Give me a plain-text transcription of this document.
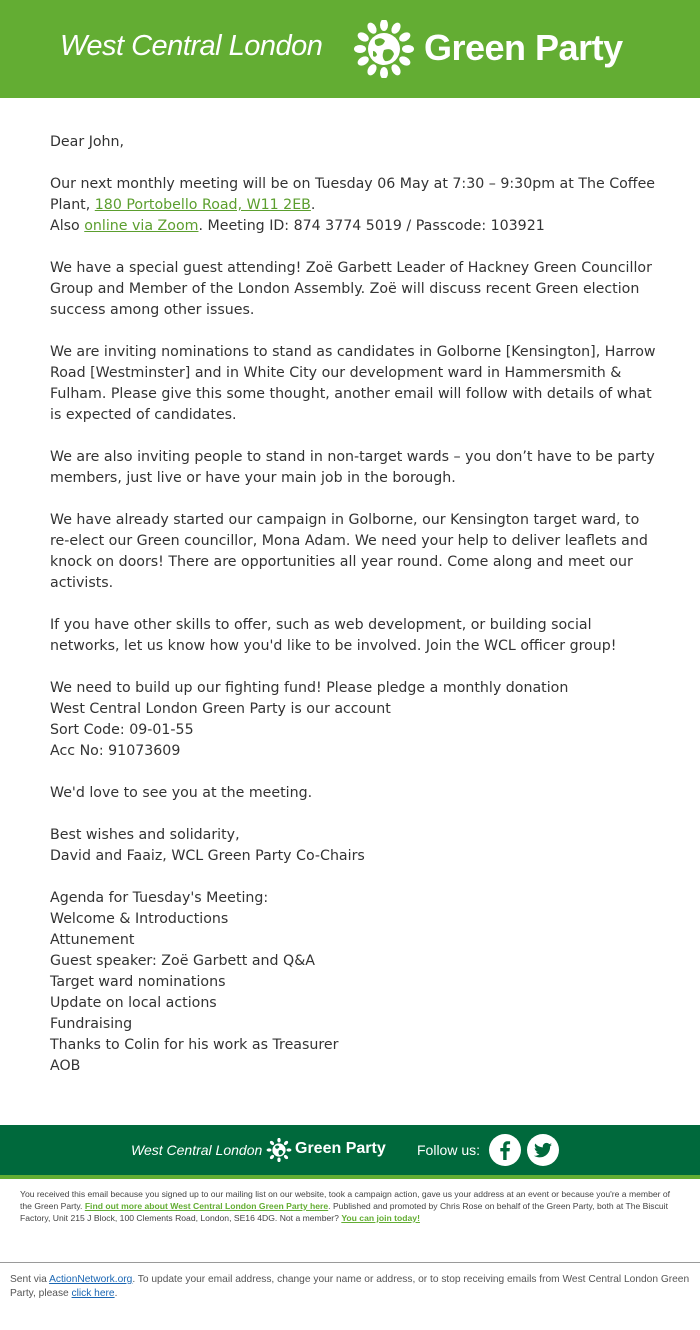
West Central London	Green Party

Dear John,

Our next monthly meeting will be on Tuesday 06 May at 7:30 – 9:30pm at The Coffee Plant, 180 Portobello Road, W11 2EB.
Also online via Zoom. Meeting ID: 874 3774 5019 / Passcode: 103921

We have a special guest attending! Zoë Garbett Leader of Hackney Green Councillor Group and Member of the London Assembly. Zoë will discuss recent Green election success among other issues.

We are inviting nominations to stand as candidates in Golborne [Kensington], Harrow Road [Westminster] and in White City our development ward in Hammersmith & Fulham. Please give this some thought, another email will follow with details of what is expected of candidates.

We are also inviting people to stand in non-target wards – you don’t have to be party members, just live or have your main job in the borough.

We have already started our campaign in Golborne, our Kensington target ward, to re-elect our Green councillor, Mona Adam. We need your help to deliver leaflets and knock on doors! There are opportunities all year round. Come along and meet our activists.

If you have other skills to offer, such as web development, or building social networks, let us know how you'd like to be involved. Join the WCL officer group!

We need to build up our fighting fund! Please pledge a monthly donation
West Central London Green Party is our account
Sort Code: 09-01-55
Acc No: 91073609

We'd love to see you at the meeting.

Best wishes and solidarity,
David and Faaiz, WCL Green Party Co-Chairs

Agenda for Tuesday's Meeting:
Welcome & Introductions
Attunement
Guest speaker: Zoë Garbett and Q&A
Target ward nominations
Update on local actions
Fundraising
Thanks to Colin for his work as Treasurer
AOB

West Central London Green Party Follow us:
You received this email because you signed up to our mailing list on our website, took a campaign action, gave us your address at an event or because you're a member of the Green Party. Find out more about West Central London Green Party here. Published and promoted by Chris Rose on behalf of the Green Party, both at The Biscuit Factory, Unit 215 J Block, 100 Clements Road, London, SE16 4DG. Not a member? You can join today!
Sent via ActionNetwork.org. To update your email address, change your name or address, or to stop receiving emails from West Central London Green Party, please click here.
